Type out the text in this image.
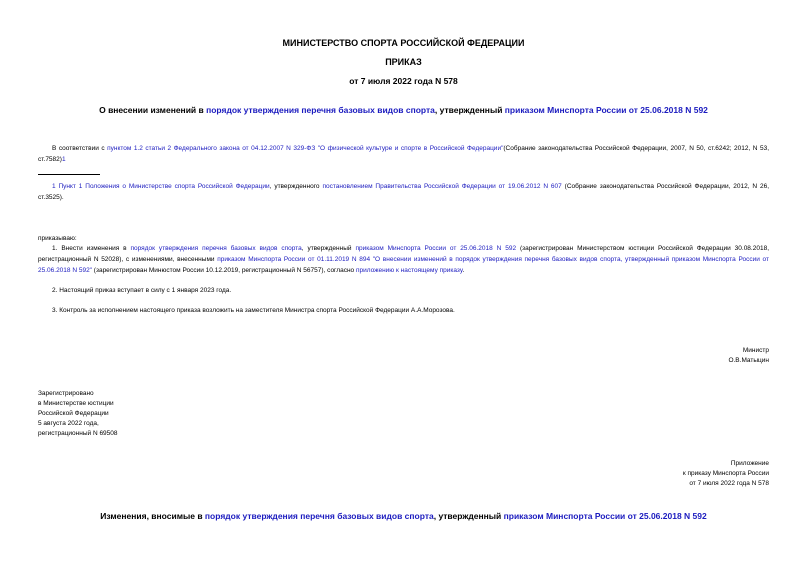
МИНИСТЕРСТВО СПОРТА РОССИЙСКОЙ ФЕДЕРАЦИИ
ПРИКАЗ
от 7 июля 2022 года N 578
О внесении изменений в порядок утверждения перечня базовых видов спорта, утвержденный приказом Минспорта России от 25.06.2018 N 592
В соответствии с пунктом 1.2 статьи 2 Федерального закона от 04.12.2007 N 329-ФЗ "О физической культуре и спорте в Российской Федерации"(Собрание законодательства Российской Федерации, 2007, N 50, ст.6242; 2012, N 53, ст.7582)1
1 Пункт 1 Положения о Министерстве спорта Российской Федерации, утвержденного постановлением Правительства Российской Федерации от 19.06.2012 N 607 (Собрание законодательства Российской Федерации, 2012, N 26, ст.3525).
приказываю:
1. Внести изменения в порядок утверждения перечня базовых видов спорта, утвержденный приказом Минспорта России от 25.06.2018 N 592 (зарегистрирован Министерством юстиции Российской Федерации 30.08.2018, регистрационный N 52028), с изменениями, внесенными приказом Минспорта России от 01.11.2019 N 894 "О внесении изменений в порядок утверждения перечня базовых видов спорта, утвержденный приказом Минспорта России от 25.06.2018 N 592" (зарегистрирован Минюстом России 10.12.2019, регистрационный N 56757), согласно приложению к настоящему приказу.
2. Настоящий приказ вступает в силу с 1 января 2023 года.
3. Контроль за исполнением настоящего приказа возложить на заместителя Министра спорта Российской Федерации А.А.Морозова.
Министр
О.В.Матыцин
Зарегистрировано
в Министерстве юстиции
Российской Федерации
5 августа 2022 года,
регистрационный N 69508
Приложение
к приказу Минспорта России
от 7 июля 2022 года N 578
Изменения, вносимые в порядок утверждения перечня базовых видов спорта, утвержденный приказом Минспорта России от 25.06.2018 N 592
